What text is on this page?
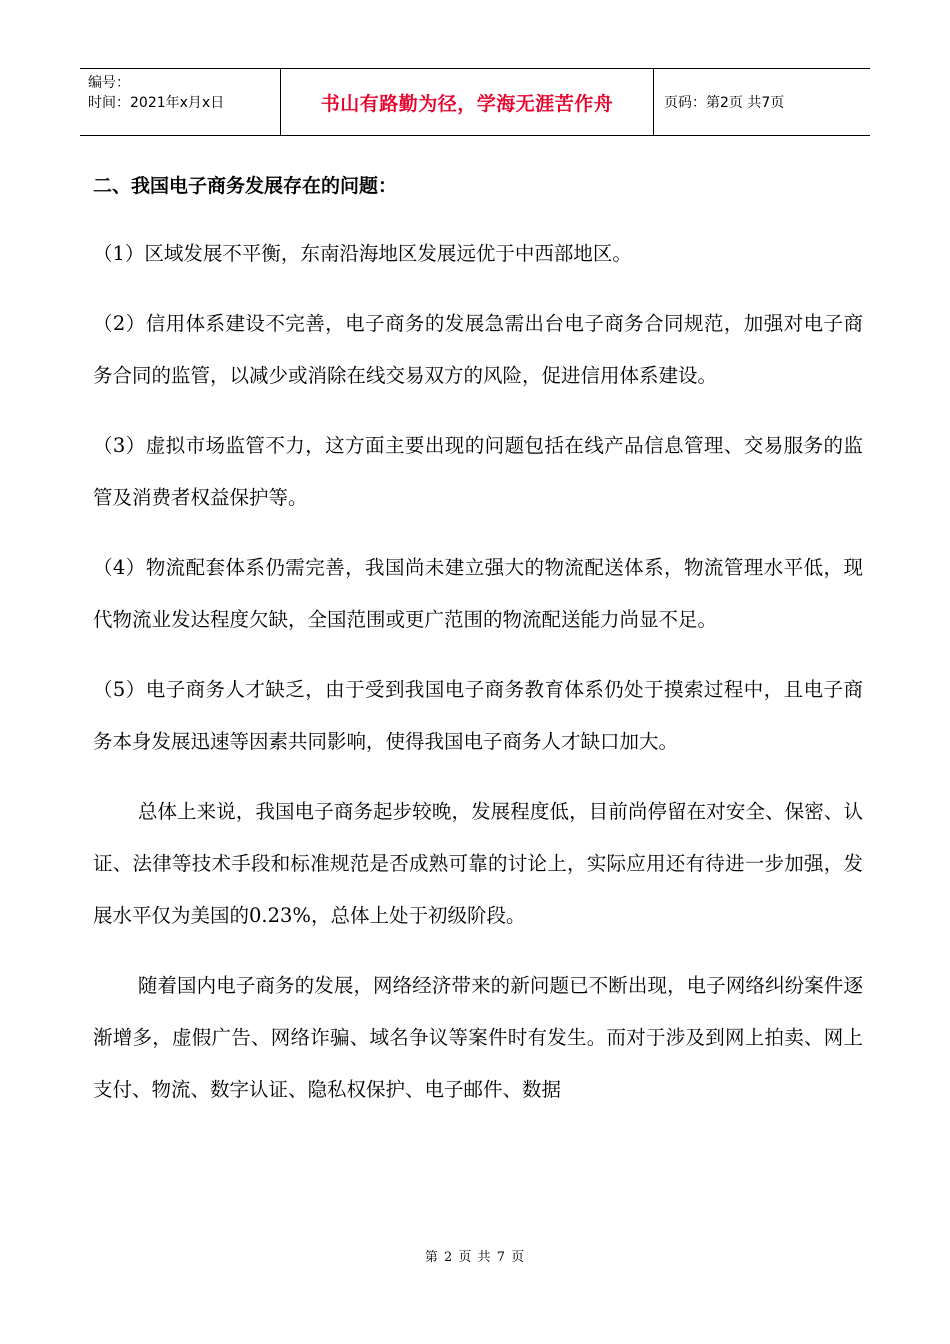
编号：
时间：2021年x月x日	书山有路勤为径，学海无涯苦作舟	页码：第2页 共7页
二、我国电子商务发展存在的问题：

（1）区域发展不平衡，东南沿海地区发展远优于中西部地区。

（2）信用体系建设不完善，电子商务的发展急需出台电子商务合同规范，加强对电子商务合同的监管，以减少或消除在线交易双方的风险，促进信用体系建设。

（3）虚拟市场监管不力，这方面主要出现的问题包括在线产品信息管理、交易服务的监管及消费者权益保护等。

（4）物流配套体系仍需完善，我国尚未建立强大的物流配送体系，物流管理水平低，现代物流业发达程度欠缺，全国范围或更广范围的物流配送能力尚显不足。

（5）电子商务人才缺乏，由于受到我国电子商务教育体系仍处于摸索过程中，且电子商务本身发展迅速等因素共同影响，使得我国电子商务人才缺口加大。

总体上来说，我国电子商务起步较晚，发展程度低，目前尚停留在对安全、保密、认证、法律等技术手段和标准规范是否成熟可靠的讨论上，实际应用还有待进一步加强，发展水平仅为美国的0.23%，总体上处于初级阶段。

随着国内电子商务的发展，网络经济带来的新问题已不断出现，电子网络纠纷案件逐渐增多，虚假广告、网络诈骗、域名争议等案件时有发生。而对于涉及到网上拍卖、网上支付、物流、数字认证、隐私权保护、电子邮件、数据

第 2 页 共 7 页
